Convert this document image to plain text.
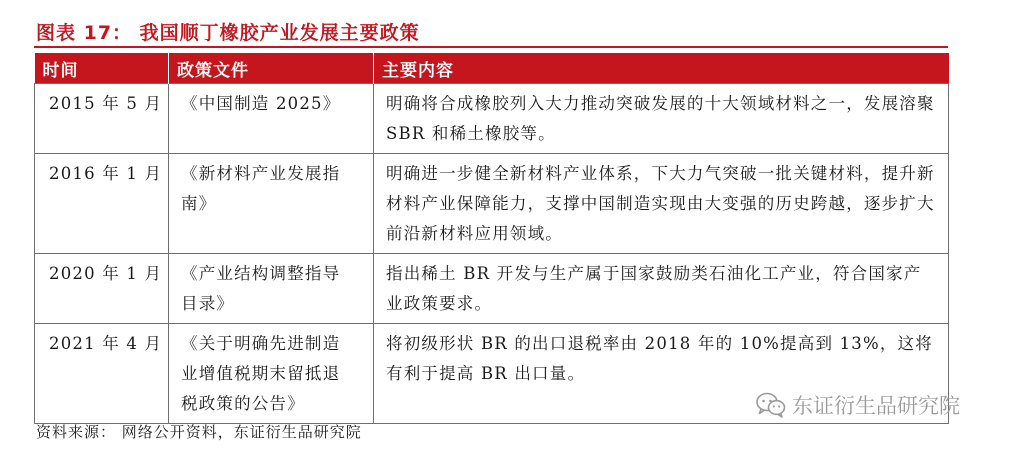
图表 17： 我国顺丁橡胶产业发展主要政策
时间	政策文件	主要内容

2015 年 5 月	《中国制造 2025》	明确将合成橡胶列入大力推动突破发展的十大领域材料之一，发展溶聚 SBR 和稀土橡胶等。

2016 年 1 月	《新材料产业发展指南》	明确进一步健全新材料产业体系，下大力气突破一批关键材料，提升新材料产业保障能力，支撑中国制造实现由大变强的历史跨越，逐步扩大前沿新材料应用领域。

2020 年 1 月	《产业结构调整指导目录》	指出稀土 BR 开发与生产属于国家鼓励类石油化工产业，符合国家产业政策要求。

2021 年 4 月	《关于明确先进制造业增值税期末留抵退税政策的公告》	将初级形状 BR 的出口退税率由 2018 年的 10%提高到 13%，这将有利于提高 BR 出口量。
资料来源： 网络公开资料，东证衍生品研究院
东证衍生品研究院
